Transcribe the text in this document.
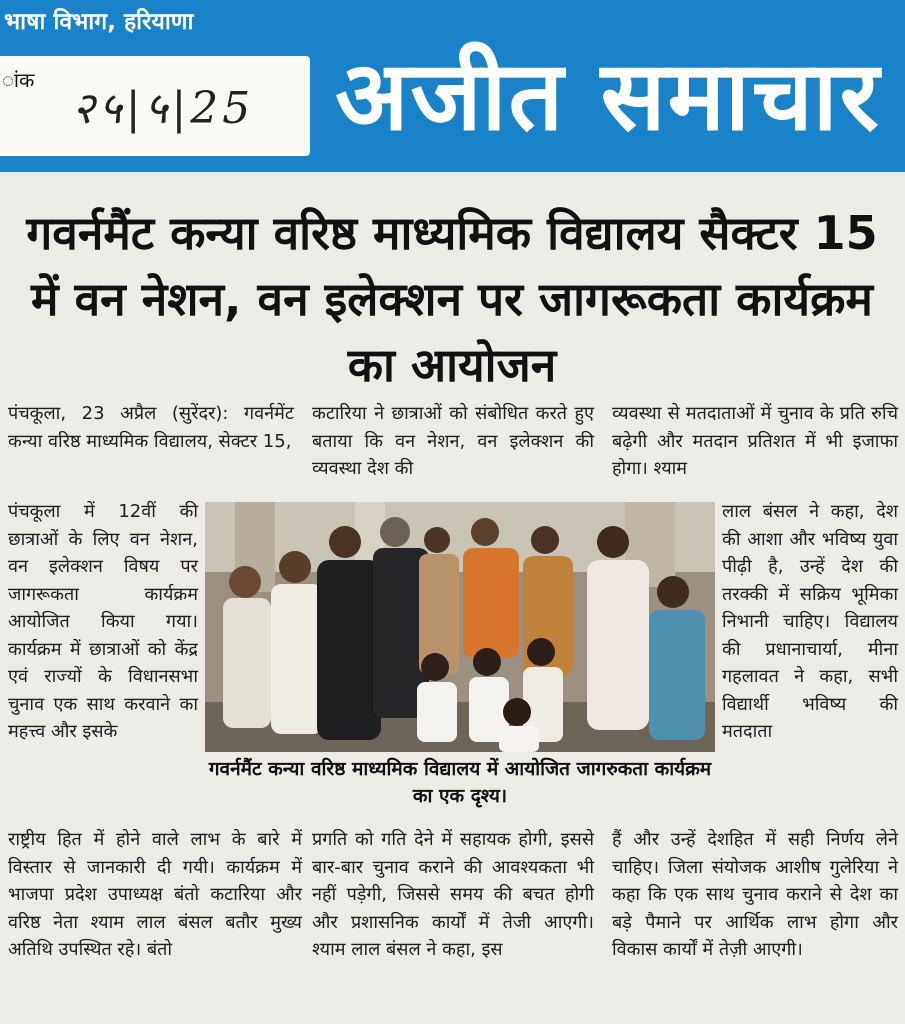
भाषा विभाग, हरियाणा
ांक
२५|५|25 अजीत समाचार
गवर्नमैंट कन्या वरिष्ठ माध्यमिक विद्यालय सैक्टर 15 में वन नेशन, वन इलेक्शन पर जागरूकता कार्यक्रम का आयोजन
पंचकूला, 23 अप्रैल (सुरेंदर): गवर्नमेंट कन्या वरिष्ठ माध्यमिक विद्यालय, सेक्टर 15,
कटारिया ने छात्राओं को संबोधित करते हुए बताया कि वन नेशन, वन इलेक्शन की व्यवस्था देश की
व्यवस्था से मतदाताओं में चुनाव के प्रति रुचि बढ़ेगी और मतदान प्रतिशत में भी इजाफा होगा। श्याम
पंचकूला में 12वीं की छात्राओं के लिए वन नेशन, वन इलेक्शन विषय पर जागरूकता कार्यक्रम आयोजित किया गया। कार्यक्रम में छात्राओं को केंद्र एवं राज्यों के विधानसभा चुनाव एक साथ करवाने का महत्त्व और इसके
लाल बंसल ने कहा, देश की आशा और भविष्य युवा पीढ़ी है, उन्हें देश की तरक्की में सक्रिय भूमिका निभानी चाहिए। विद्यालय की प्रधानाचार्या, मीना गहलावत ने कहा, सभी विद्यार्थी भविष्य की मतदाता
गवर्नमैंट कन्या वरिष्ठ माध्यमिक विद्यालय में आयोजित जागरुकता कार्यक्रम का एक दृश्य।
राष्ट्रीय हित में होने वाले लाभ के बारे में विस्तार से जानकारी दी गयी। कार्यक्रम में भाजपा प्रदेश उपाध्यक्ष बंतो कटारिया और वरिष्ठ नेता श्याम लाल बंसल बतौर मुख्य अतिथि उपस्थित रहे। बंतो
प्रगति को गति देने में सहायक होगी, इससे बार-बार चुनाव कराने की आवश्यकता भी नहीं पड़ेगी, जिससे समय की बचत होगी और प्रशासनिक कार्यों में तेजी आएगी। श्याम लाल बंसल ने कहा, इस
हैं और उन्हें देशहित में सही निर्णय लेने चाहिए। जिला संयोजक आशीष गुलेरिया ने कहा कि एक साथ चुनाव कराने से देश का बड़े पैमाने पर आर्थिक लाभ होगा और विकास कार्यों में तेज़ी आएगी।
